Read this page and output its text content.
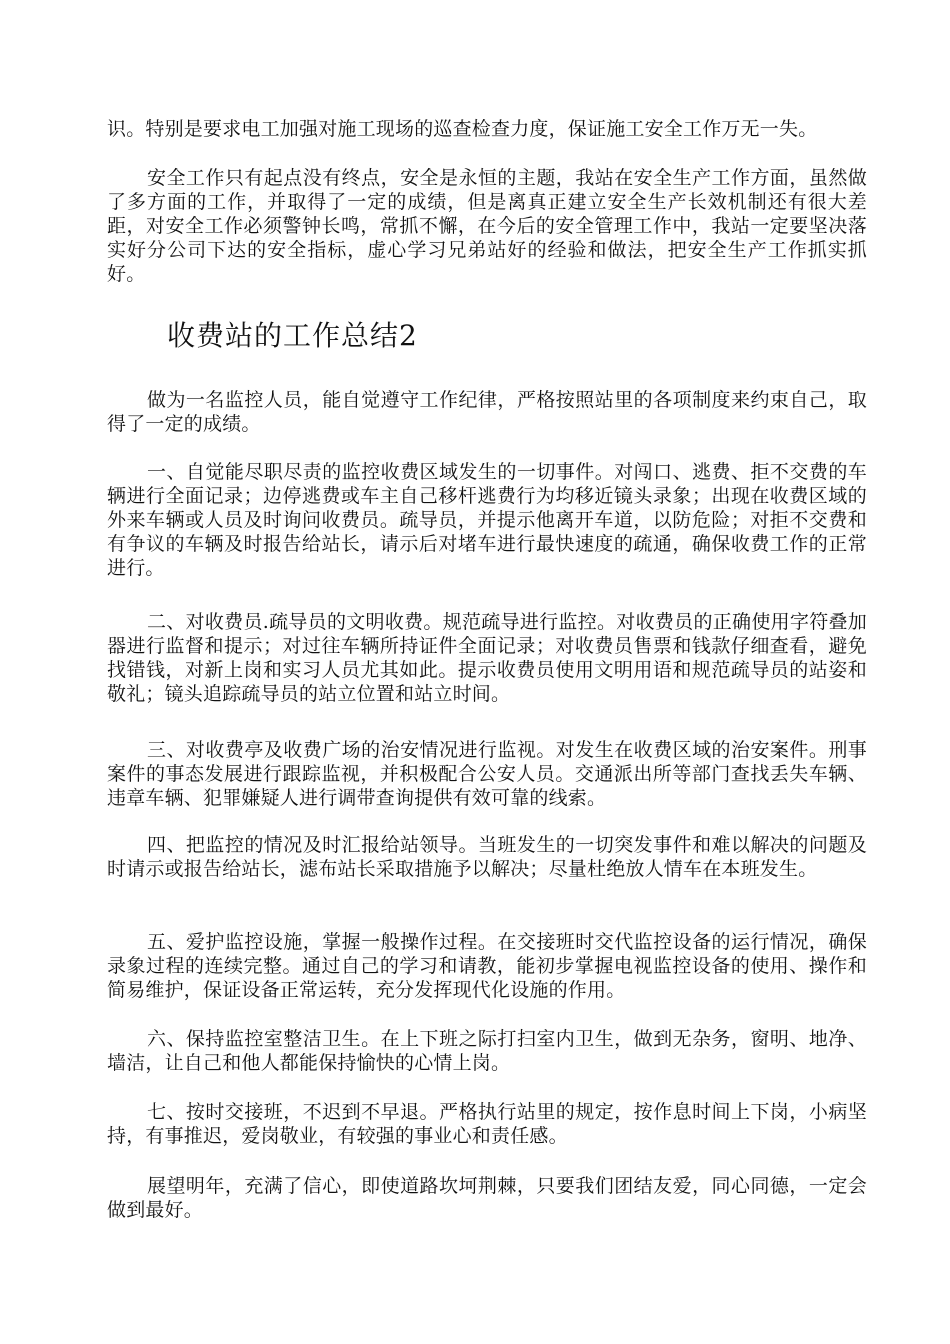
识。特别是要求电工加强对施工现场的巡查检查力度，保证施工安全工作万无一失。

安全工作只有起点没有终点，安全是永恒的主题，我站在安全生产工作方面，虽然做了多方面的工作，并取得了一定的成绩，但是离真正建立安全生产长效机制还有很大差距，对安全工作必须警钟长鸣，常抓不懈，在今后的安全管理工作中，我站一定要坚决落实好分公司下达的安全指标，虚心学习兄弟站好的经验和做法，把安全生产工作抓实抓好。

收费站的工作总结2

做为一名监控人员，能自觉遵守工作纪律，严格按照站里的各项制度来约束自己，取得了一定的成绩。

一、自觉能尽职尽责的监控收费区域发生的一切事件。对闯口、逃费、拒不交费的车辆进行全面记录；边停逃费或车主自己移杆逃费行为均移近镜头录象；出现在收费区域的外来车辆或人员及时询问收费员。疏导员，并提示他离开车道，以防危险；对拒不交费和有争议的车辆及时报告给站长，请示后对堵车进行最快速度的疏通，确保收费工作的正常进行。

二、对收费员.疏导员的文明收费。规范疏导进行监控。对收费员的正确使用字符叠加器进行监督和提示；对过往车辆所持证件全面记录；对收费员售票和钱款仔细查看，避免找错钱，对新上岗和实习人员尤其如此。提示收费员使用文明用语和规范疏导员的站姿和敬礼；镜头追踪疏导员的站立位置和站立时间。

三、对收费亭及收费广场的治安情况进行监视。对发生在收费区域的治安案件。刑事案件的事态发展进行跟踪监视，并积极配合公安人员。交通派出所等部门查找丢失车辆、违章车辆、犯罪嫌疑人进行调带查询提供有效可靠的线索。

四、把监控的情况及时汇报给站领导。当班发生的一切突发事件和难以解决的问题及时请示或报告给站长，滤布站长采取措施予以解决；尽量杜绝放人情车在本班发生。

五、爱护监控设施，掌握一般操作过程。在交接班时交代监控设备的运行情况，确保录象过程的连续完整。通过自己的学习和请教，能初步掌握电视监控设备的使用、操作和简易维护，保证设备正常运转，充分发挥现代化设施的作用。

六、保持监控室整洁卫生。在上下班之际打扫室内卫生，做到无杂务，窗明、地净、墙洁，让自己和他人都能保持愉快的心情上岗。

七、按时交接班，不迟到不早退。严格执行站里的规定，按作息时间上下岗，小病坚持，有事推迟，爱岗敬业，有较强的事业心和责任感。

展望明年，充满了信心，即使道路坎坷荆棘，只要我们团结友爱，同心同德，一定会做到最好。
